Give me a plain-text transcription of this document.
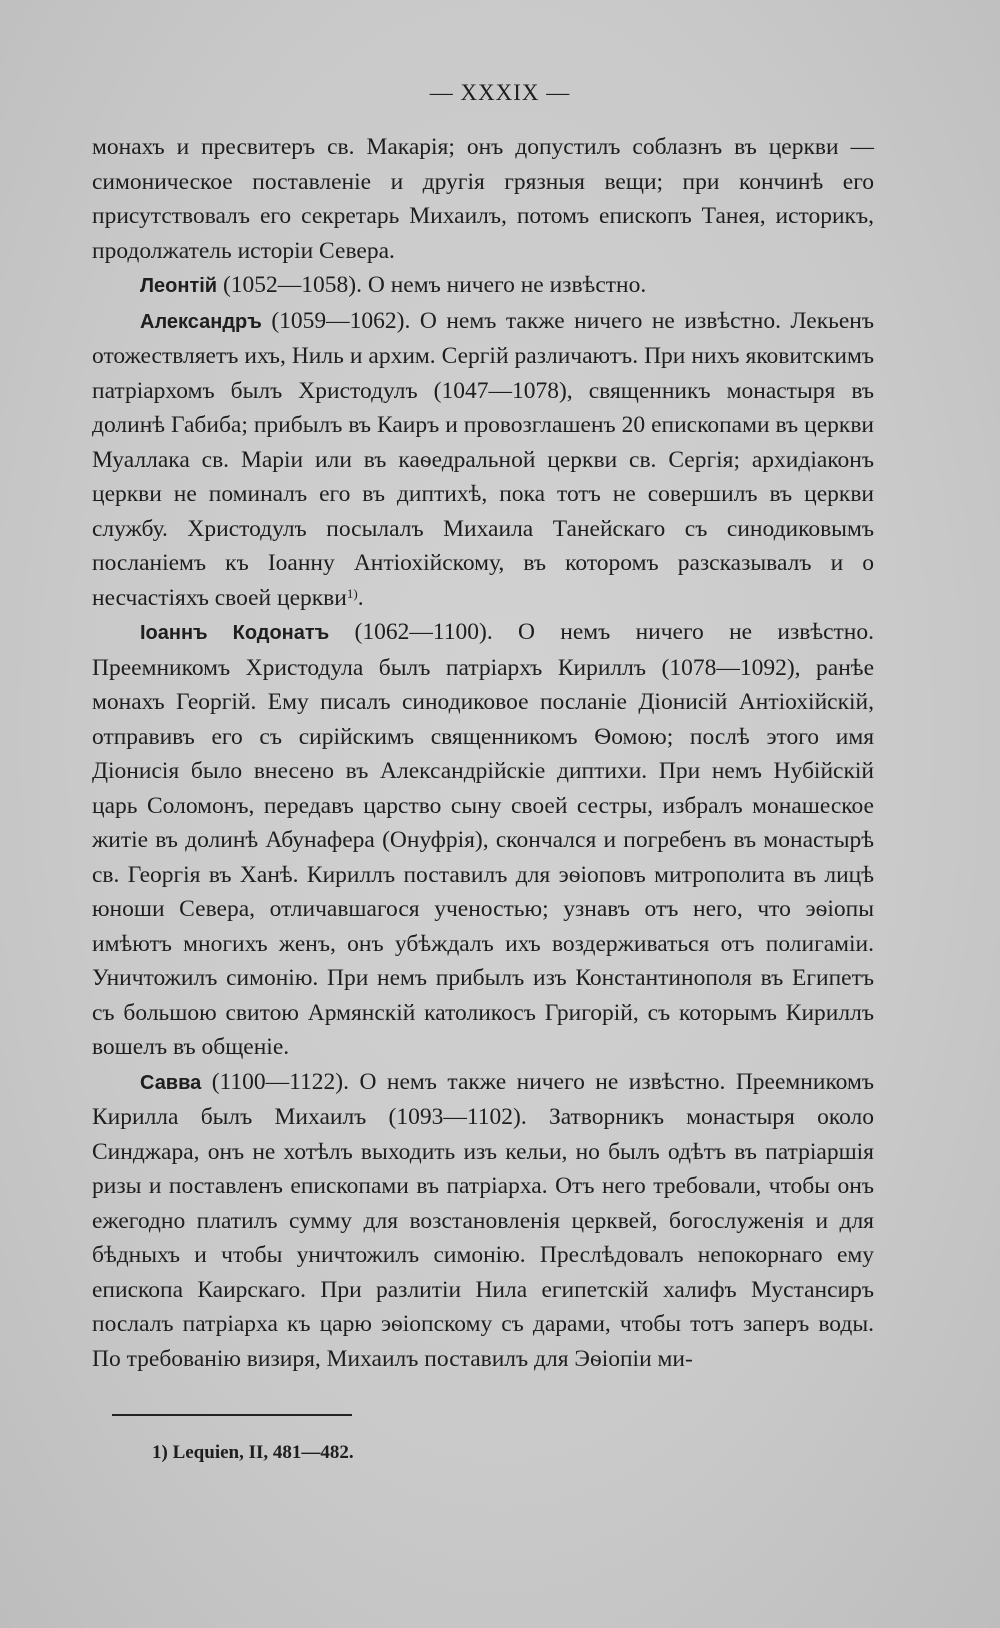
— XXXIX —

монахъ и пресвитеръ св. Макарія; онъ допустилъ соблазнъ въ церкви — симоническое поставленіе и другія грязныя вещи; при кончинѣ его присутствовалъ его секретарь Михаилъ, потомъ епископъ Танея, историкъ, продолжатель исторіи Севера.

Леонтій (1052—1058). О немъ ничего не извѣстно.

Александръ (1059—1062). О немъ также ничего не извѣстно. Лекьенъ отожествляетъ ихъ, Ниль и архим. Сергій различаютъ. При нихъ яковитскимъ патріархомъ былъ Христодулъ (1047—1078), священникъ монастыря въ долинѣ Габиба; прибылъ въ Каиръ и провозглашенъ 20 епископами въ церкви Муаллака св. Маріи или въ каѳедральной церкви св. Сергія; архидіаконъ церкви не поминалъ его въ диптихѣ, пока тотъ не совершилъ въ церкви службу. Христодулъ посылалъ Михаила Танейскаго съ синодиковымъ посланіемъ къ Іоанну Антіохійскому, въ которомъ разсказывалъ и о несчастіяхъ своей церкви$^{1)}$.

Іоаннъ Кодонатъ (1062—1100). О немъ ничего не извѣстно. Преемникомъ Христодула былъ патріархъ Кириллъ (1078—1092), ранѣе монахъ Георгій. Ему писалъ синодиковое посланіе Діонисій Антіохійскій, отправивъ его съ сирійскимъ священникомъ Ѳомою; послѣ этого имя Діонисія было внесено въ Александрійскіе диптихи. При немъ Нубійскій царь Соломонъ, передавъ царство сыну своей сестры, избралъ монашеское житіе въ долинѣ Абунафера (Онуфрія), скончался и погребенъ въ монастырѣ св. Георгія въ Ханѣ. Кириллъ поставилъ для эѳіоповъ митрополита въ лицѣ юноши Севера, отличавшагося ученостью; узнавъ отъ него, что эѳіопы имѣютъ многихъ женъ, онъ убѣждалъ ихъ воздерживаться отъ полигаміи. Уничтожилъ симонію. При немъ прибылъ изъ Константинополя въ Египетъ съ большою свитою Армянскій католикосъ Григорій, съ которымъ Кириллъ вошелъ въ общеніе.

Савва (1100—1122). О немъ также ничего не извѣстно. Преемникомъ Кирилла былъ Михаилъ (1093—1102). Затворникъ монастыря около Синджара, онъ не хотѣлъ выходить изъ кельи, но былъ одѣтъ въ патріаршія ризы и поставленъ епископами въ патріарха. Отъ него требовали, чтобы онъ ежегодно платилъ сумму для возстановленія церквей, богослуженія и для бѣдныхъ и чтобы уничтожилъ симонію. Преслѣдовалъ непокорнаго ему епископа Каирскаго. При разлитіи Нила египетскій халифъ Мустансиръ послалъ патріарха къ царю эѳіопскому съ дарами, чтобы тотъ заперъ воды. По требованію визиря, Михаилъ поставилъ для Эѳіопіи ми-

1) Lequien, II, 481—482.
